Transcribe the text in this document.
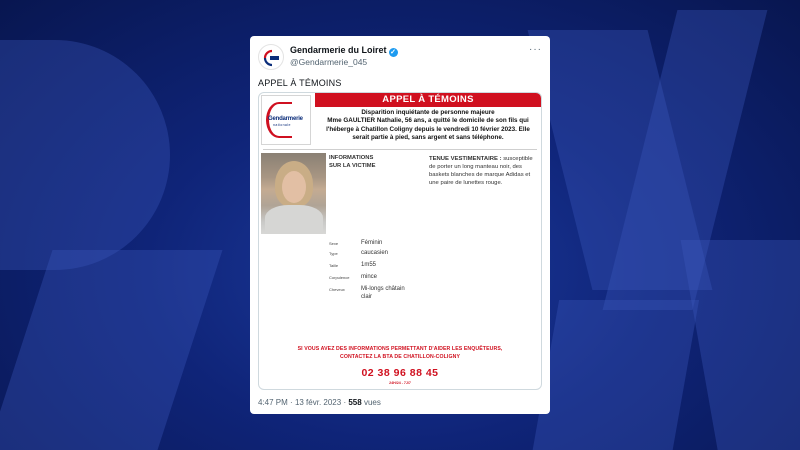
Gendarmerie du Loiret ✓
@Gendarmerie_045
···
APPEL À TÉMOINS
Gendarmerie
nationale
APPEL À TÉMOINS
Disparition inquiétante de personne majeure
Mme GAULTIER Nathalie, 56 ans, a quitté le domicile de son fils qui l'héberge à Chatillon Coligny depuis le vendredi 10 février 2023. Elle serait partie à pied, sans argent et sans téléphone.
INFORMATIONS
SUR LA VICTIME
TENUE VESTIMENTAIRE : susceptible de porter un long manteau noir, des baskets blanches de marque Adidas et une paire de lunettes rouge.
Sexe	Féminin
Type	caucasien
Taille	1m55
Corpulence mince
Cheveux	Mi-longs châtain clair
SI VOUS AVEZ DES INFORMATIONS PERMETTANT D'AIDER LES ENQUÊTEURS,
CONTACTEZ LA BTA DE CHATILLON-COLIGNY
02 38 96 88 45
24H/24 - 7J/7
4:47 PM · 13 févr. 2023 · 558 vues
